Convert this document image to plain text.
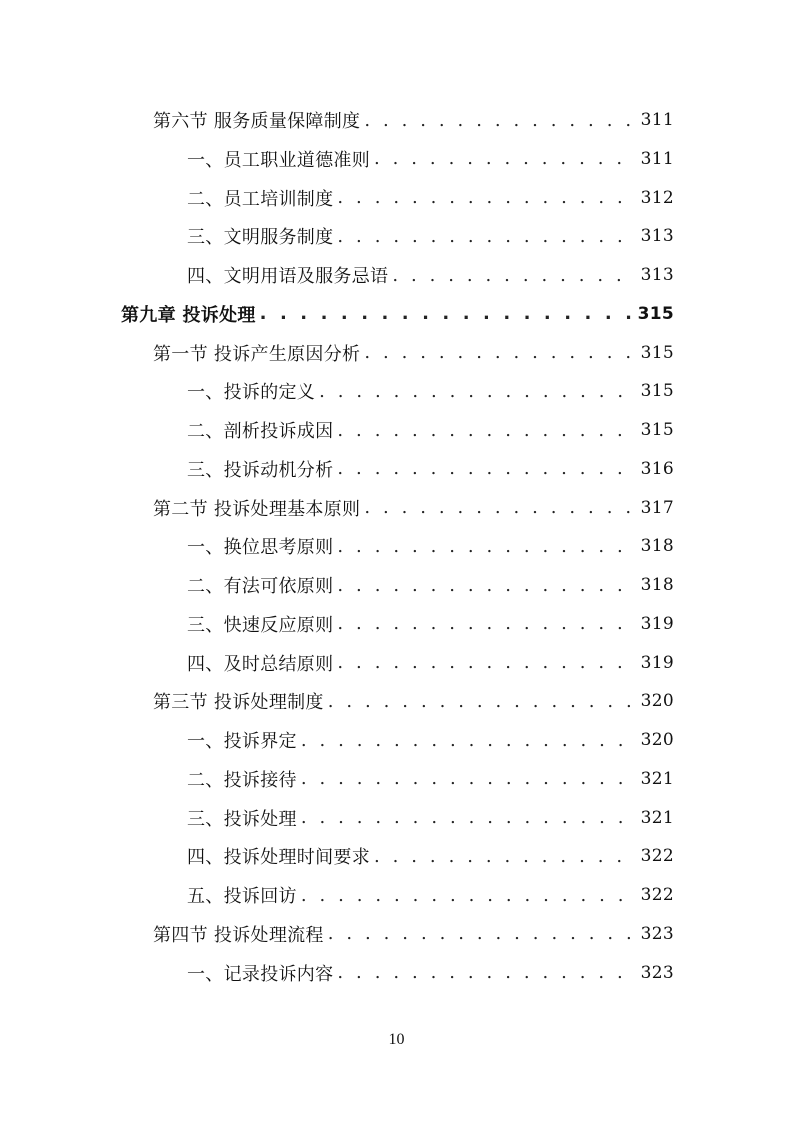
第六节 服务质量保障制度 . . .	311
一、员工职业道德准则 . . .	311
二、员工培训制度 . . .	312
三、文明服务制度 . . .	313
四、文明用语及服务忌语 . . .	313
第九章 投诉处理 . . .	315
第一节 投诉产生原因分析 . . .	315
一、投诉的定义 . . .	315
二、剖析投诉成因 . . .	315
三、投诉动机分析 . . .	316
第二节 投诉处理基本原则 . . .	317
一、换位思考原则 . . .	318
二、有法可依原则 . . .	318
三、快速反应原则 . . .	319
四、及时总结原则 . . .	319
第三节 投诉处理制度 . . .	320
一、投诉界定 . . .	320
二、投诉接待 . . .	321
三、投诉处理 . . .	321
四、投诉处理时间要求 . . .	322
五、投诉回访 . . .	322
第四节 投诉处理流程 . . .	323
一、记录投诉内容 . . .	323
10
